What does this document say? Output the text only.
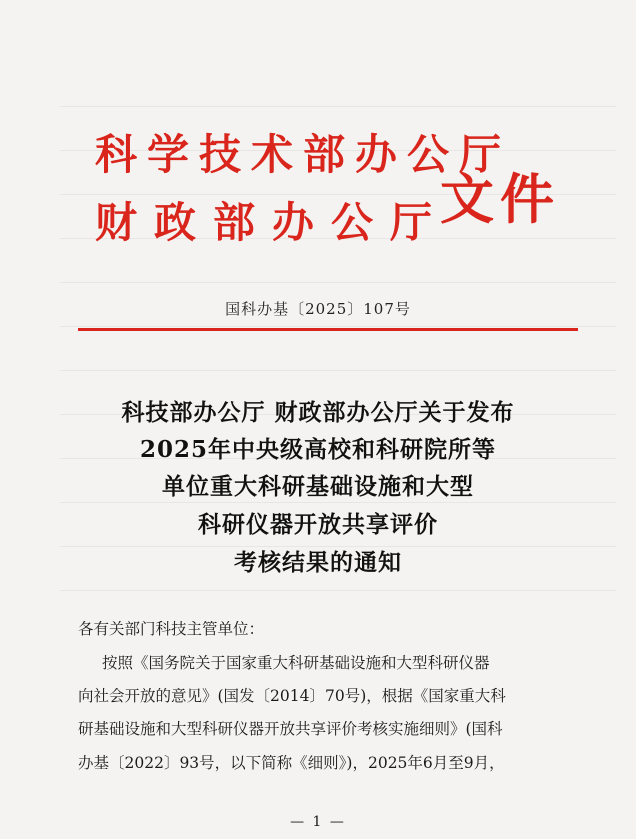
科学技术部办公厅
财政部办公厅
文件
国科办基〔2025〕107号
科技部办公厅 财政部办公厅关于发布
2025年中央级高校和科研院所等
单位重大科研基础设施和大型
科研仪器开放共享评价
考核结果的通知
各有关部门科技主管单位：
按照《国务院关于国家重大科研基础设施和大型科研仪器
向社会开放的意见》(国发〔2014〕70号)，根据《国家重大科
研基础设施和大型科研仪器开放共享评价考核实施细则》(国科
办基〔2022〕93号，以下简称《细则》)，2025年6月至9月，
— 1 —
